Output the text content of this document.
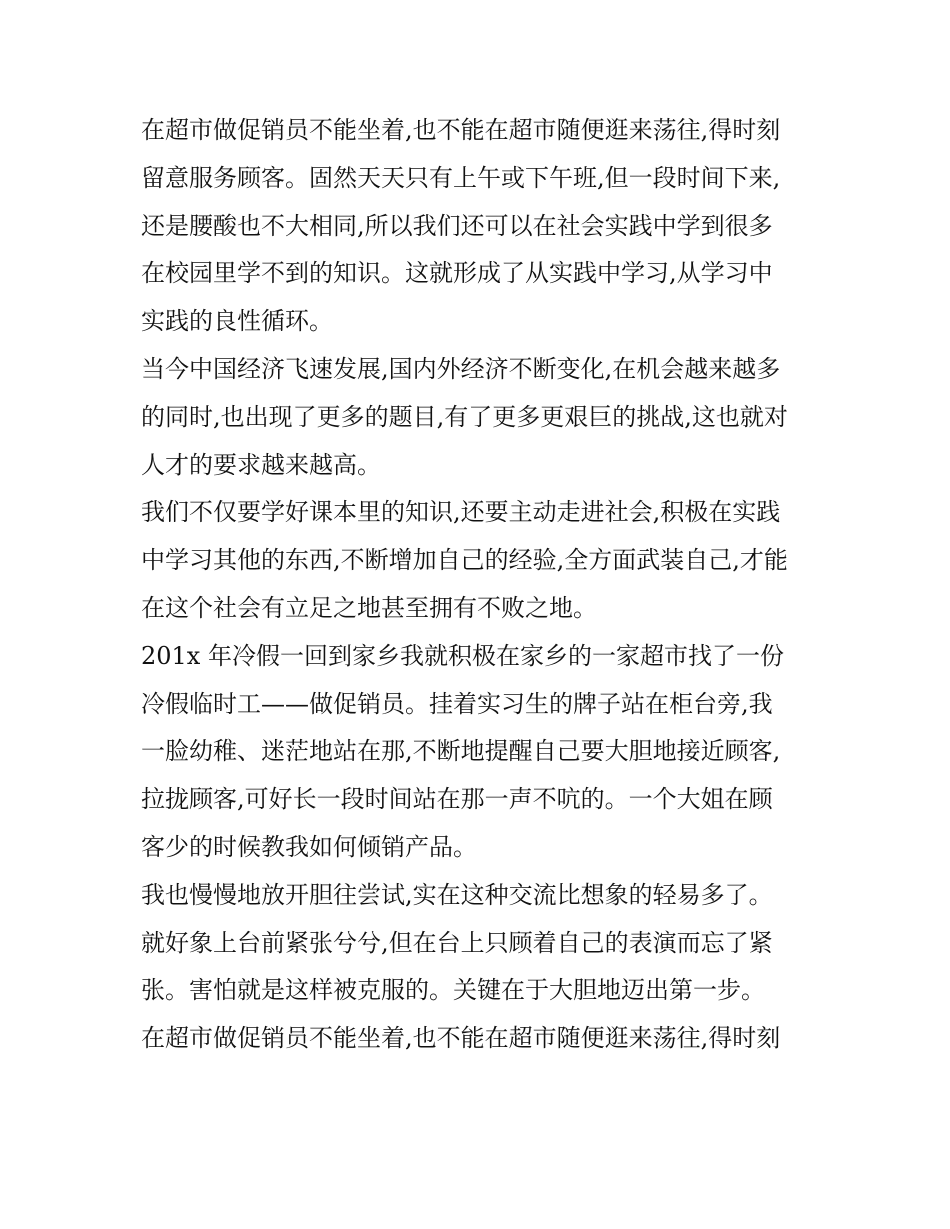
在超市做促销员不能坐着,也不能在超市随便逛来荡往,得时刻
留意服务顾客。固然天天只有上午或下午班,但一段时间下来,
还是腰酸也不大相同,所以我们还可以在社会实践中学到很多
在校园里学不到的知识。这就形成了从实践中学习,从学习中
实践的良性循环。
当今中国经济飞速发展,国内外经济不断变化,在机会越来越多
的同时,也出现了更多的题目,有了更多更艰巨的挑战,这也就对
人才的要求越来越高。
我们不仅要学好课本里的知识,还要主动走进社会,积极在实践
中学习其他的东西,不断增加自己的经验,全方面武装自己,才能
在这个社会有立足之地甚至拥有不败之地。
201x 年冷假一回到家乡我就积极在家乡的一家超市找了一份
冷假临时工——做促销员。挂着实习生的牌子站在柜台旁,我
一脸幼稚、迷茫地站在那,不断地提醒自己要大胆地接近顾客,
拉拢顾客,可好长一段时间站在那一声不吭的。一个大姐在顾
客少的时候教我如何倾销产品。
我也慢慢地放开胆往尝试,实在这种交流比想象的轻易多了。
就好象上台前紧张兮兮,但在台上只顾着自己的表演而忘了紧
张。害怕就是这样被克服的。关键在于大胆地迈出第一步。
在超市做促销员不能坐着,也不能在超市随便逛来荡往,得时刻
